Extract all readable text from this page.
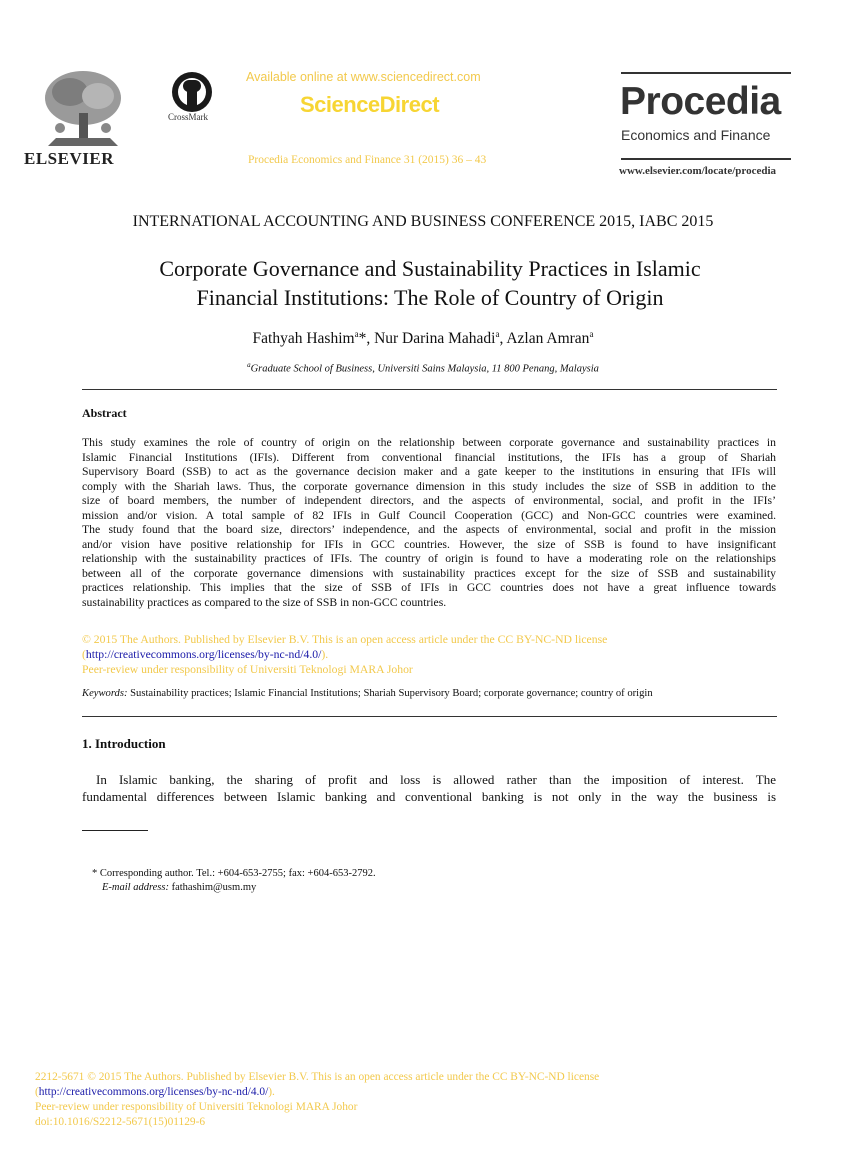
ELSEVIER
CrossMark
Available online at www.sciencedirect.com
ScienceDirect
Procedia Economics and Finance 31 (2015) 36 – 43
Procedia
Economics and Finance
www.elsevier.com/locate/procedia
INTERNATIONAL ACCOUNTING AND BUSINESS CONFERENCE 2015, IABC 2015
Corporate Governance and Sustainability Practices in Islamic
Financial Institutions: The Role of Country of Origin
Fathyah Hashim$^a$*, Nur Darina Mahadi$^a$, Azlan Amran$^a$
$^a$Graduate School of Business, Universiti Sains Malaysia, 11 800 Penang, Malaysia
Abstract
This study examines the role of country of origin on the relationship between corporate governance and sustainability practices in
Islamic Financial Institutions (IFIs). Different from conventional financial institutions, the IFIs has a group of Shariah
Supervisory Board (SSB) to act as the governance decision maker and a gate keeper to the institutions in ensuring that IFIs will
comply with the Shariah laws. Thus, the corporate governance dimension in this study includes the size of SSB in addition to the
size of board members, the number of independent directors, and the aspects of environmental, social, and profit in the IFIs’
mission and/or vision. A total sample of 82 IFIs in Gulf Council Cooperation (GCC) and Non-GCC countries were examined.
The study found that the board size, directors’ independence, and the aspects of environmental, social and profit in the mission
and/or vision have positive relationship for IFIs in GCC countries. However, the size of SSB is found to have insignificant
relationship with the sustainability practices of IFIs. The country of origin is found to have a moderating role on the relationships
between all of the corporate governance dimensions with sustainability practices except for the size of SSB and sustainability
practices relationship. This implies that the size of SSB of IFIs in GCC countries does not have a great influence towards
sustainability practices as compared to the size of SSB in non-GCC countries.
© 2015 The Authors. Published by Elsevier B.V. This is an open access article under the CC BY-NC-ND license
(http://creativecommons.org/licenses/by-nc-nd/4.0/).
Peer-review under responsibility of Universiti Teknologi MARA Johor
Keywords: Sustainability practices; Islamic Financial Institutions; Shariah Supervisory Board; corporate governance; country of origin
1. Introduction
In Islamic banking, the sharing of profit and loss is allowed rather than the imposition of interest. The
fundamental differences between Islamic banking and conventional banking is not only in the way the business is
* Corresponding author. Tel.: +604-653-2755; fax: +604-653-2792.
E-mail address: fathashim@usm.my
2212-5671 © 2015 The Authors. Published by Elsevier B.V. This is an open access article under the CC BY-NC-ND license
(http://creativecommons.org/licenses/by-nc-nd/4.0/).
Peer-review under responsibility of Universiti Teknologi MARA Johor
doi:10.1016/S2212-5671(15)01129-6
